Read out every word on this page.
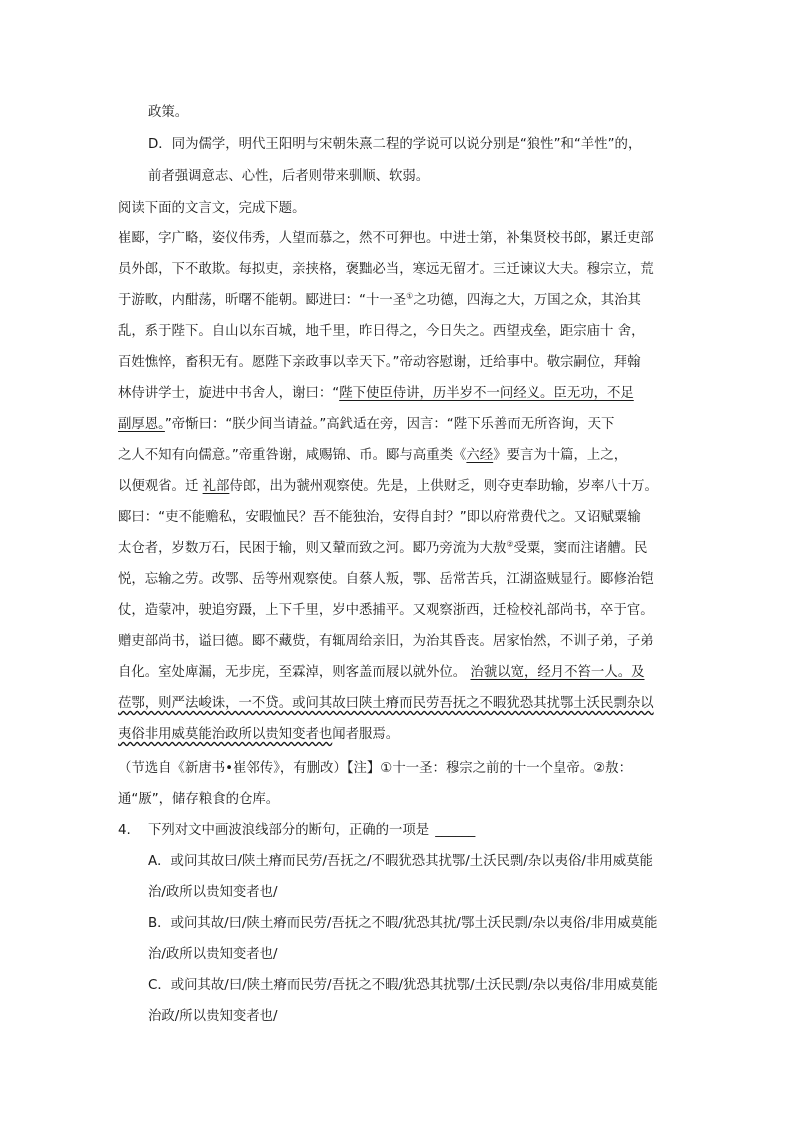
政策。
D．同为儒学，明代王阳明与宋朝朱熹二程的学说可以说分别是“狼性”和“羊性”的，
前者强调意志、心性，后者则带来驯顺、软弱。
阅读下面的文言文，完成下题。
崔郾，字广略，姿仪伟秀，人望而慕之，然不可狎也。中进士第，补集贤校书郎，累迁吏部
员外郎，下不敢欺。每拟吏，亲挟格，褒黜必当，寒远无留才。三迁谏议大夫。穆宗立，荒
于游畋，内酣荡，昕曙不能朝。郾进曰：“十一圣①之功德，四海之大，万国之众，其治其
乱，系于陛下。自山以东百城，地千里，昨日得之，今日失之。西望戎垒，距宗庙十 舍，
百姓憔悴，畜积无有。愿陛下亲政事以幸天下。”帝动容慰谢，迁给事中。敬宗嗣位，拜翰
林侍讲学士，旋进中书舍人，谢曰：“陛下使臣侍讲，历半岁不一问经义。臣无功，不足
副厚恩。”帝惭曰：“朕少间当请益。”高釴适在旁，因言：“陛下乐善而无所咨询，天下
之人不知有向儒意。”帝重咎谢，咸赐锦、币。郾与高重类《六经》要言为十篇，上之，
以便观省。迁 礼部侍郎，出为虢州观察使。先是，上供财乏，则夺吏奉助输，岁率八十万。
郾曰：“吏不能赡私，安暇恤民？吾不能独治，安得自封？”即以府常费代之。又诏赋粟输
太仓者，岁数万石，民困于输，则又輦而致之河。郾乃旁流为大敖②受粟，窦而注诸艚。民
悦，忘输之劳。改鄂、岳等州观察使。自蔡人叛，鄂、岳常苦兵，江湖盗贼显行。郾修治铠
仗，造蒙冲，驶追穷蹑，上下千里，岁中悉捕平。又观察浙西，迁检校礼部尚书，卒于官。
赠吏部尚书，谥曰德。郾不藏赀，有辄周给亲旧，为治其昏丧。居家怡然，不训子弟，子弟
自化。室处庳漏，无步庑，至霖淖，则客盖而屐以就外位。 治虢以宽，经月不笞一人。及
莅鄂，则严法峻诛，一不贷。或问其故曰陕土瘠而民劳吾抚之不暇犹恐其扰鄂土沃民剽杂以
夷俗非用威莫能治政所以贵知变者也闻者服焉。
（节选自《新唐书•崔邻传》，有删改）【注】①十一圣：穆宗之前的十一个皇帝。②敖：
通“厫”，储存粮食的仓库。
4.	下列对文中画波浪线部分的断句，正确的一项是 ______
A．或问其故曰/陕土瘠而民劳/吾抚之/不暇犹恐其扰鄂/土沃民剽/杂以夷俗/非用威莫能
治/政所以贵知变者也/
B．或问其故/曰/陕土瘠而民劳/吾抚之不暇/犹恐其扰/鄂土沃民剽/杂以夷俗/非用威莫能
治/政所以贵知变者也/
C．或问其故/曰/陕土瘠而民劳/吾抚之不暇/犹恐其扰鄂/土沃民剽/杂以夷俗/非用威莫能
治政/所以贵知变者也/
